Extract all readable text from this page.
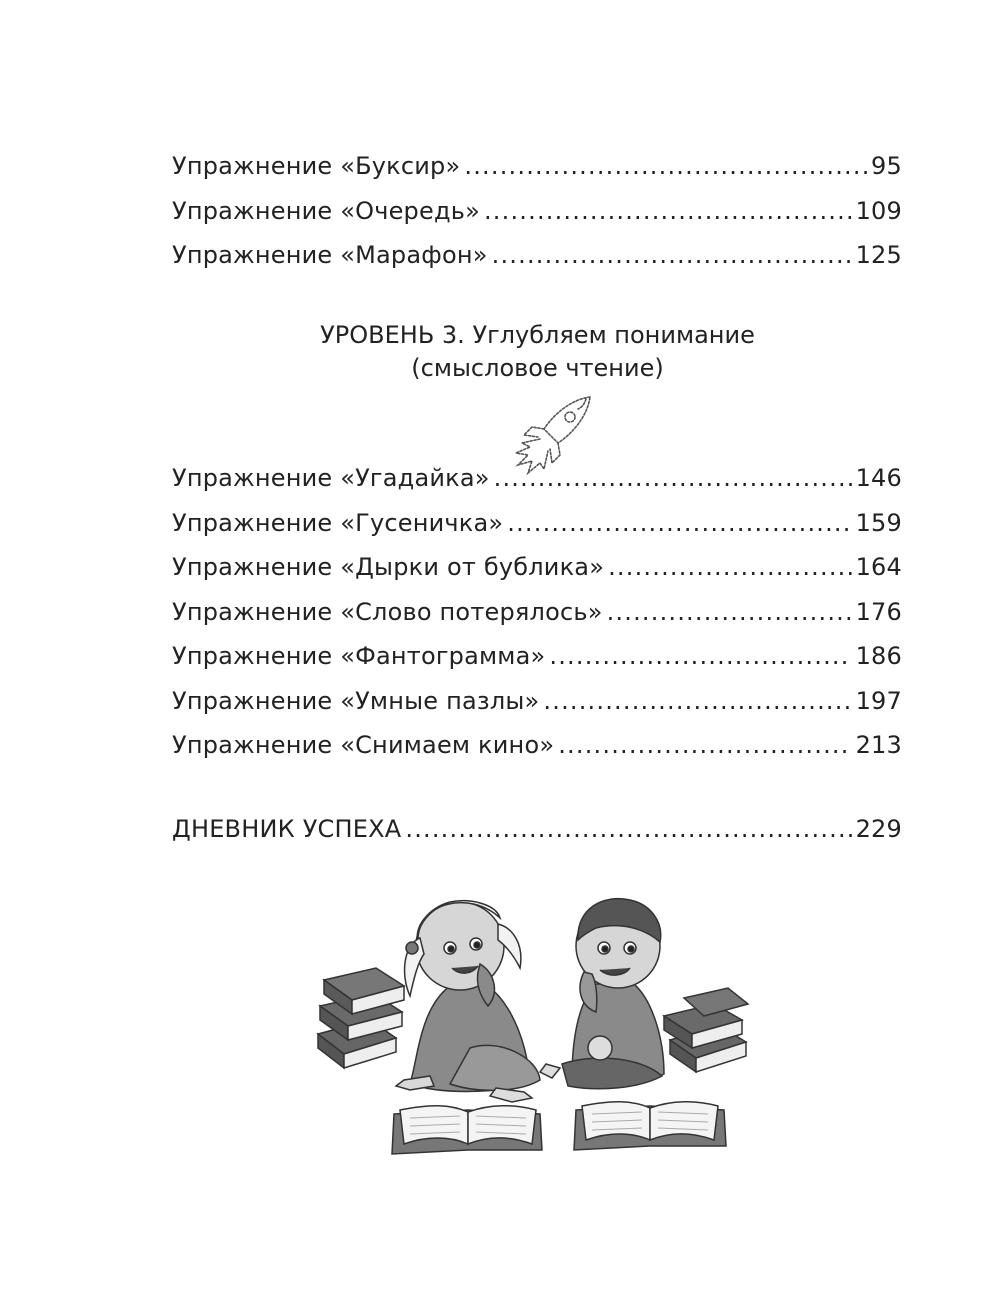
Упражнение «Буксир» .....	95
Упражнение «Очередь» .....	109
Упражнение «Марафон» .....	125
УРОВЕНЬ 3. Углубляем понимание
(смысловое чтение)
Упражнение «Угадайка» .....	146
Упражнение «Гусеничка» .....	159
Упражнение «Дырки от бублика» .....	164
Упражнение «Слово потерялось» .....	176
Упражнение «Фантограмма» .....	186
Упражнение «Умные пазлы» .....	197
Упражнение «Снимаем кино» .....	213
ДНЕВНИК УСПЕХА .....	229
